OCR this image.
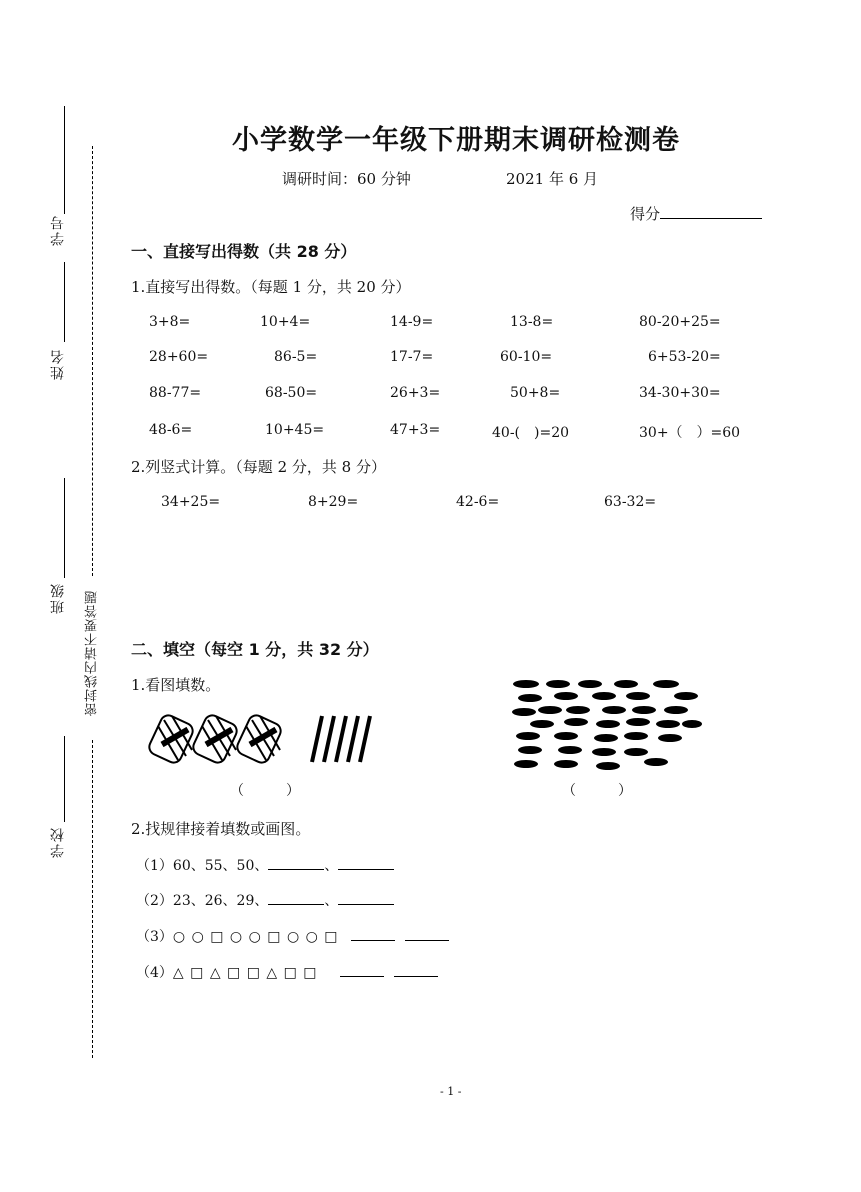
学号
姓名
班级
学校
密封线内请不要答题
小学数学一年级下册期末调研检测卷
调研时间：60 分钟	2021 年 6 月
得分
一、直接写出得数（共 28 分）
1.直接写出得数。（每题 1 分，共 20 分）
3+8=	10+4=	14-9=	13-8=	80-20+25=
28+60=	86-5=	17-7=	60-10=	6+53-20=
88-77=	68-50=	26+3=	50+8=	34-30+30=
48-6=	10+45=	47+3=	40-(　)=20	30+（　）=60
2.列竖式计算。（每题 2 分，共 8 分）
34+25=	8+29=	42-6=	63-32=
二、填空（每空 1 分，共 32 分）
1.看图填数。
（　　　）	（　　　）
2.找规律接着填数或画图。
（1）60、55、50、	、
（2）23、26、29、	、
（3）○ ○ □ ○ ○ □ ○ ○ □
（4）△ □ △ □ □ △ □ □
- 1 -
